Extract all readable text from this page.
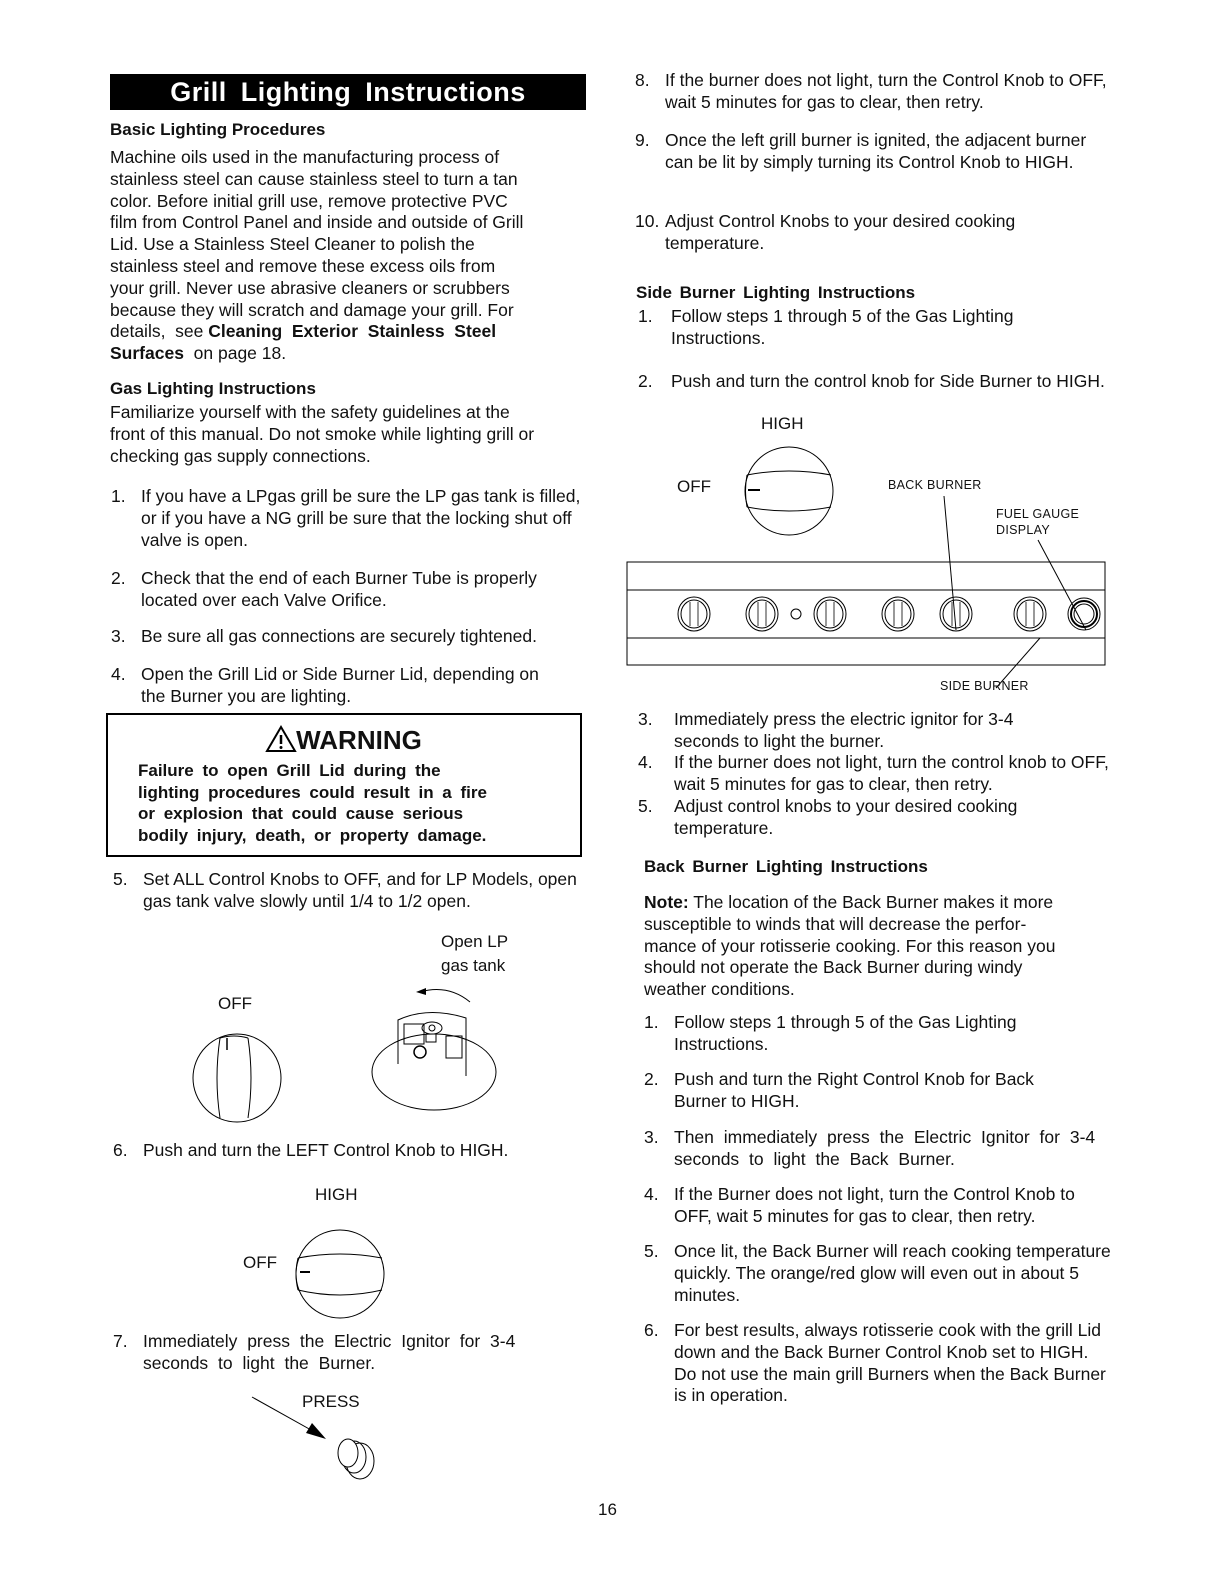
Grill Lighting Instructions
Basic Lighting Procedures
Machine oils used in the manufacturing process of
stainless steel can cause stainless steel to turn a tan
color. Before initial grill use, remove protective PVC
film from Control Panel and inside and outside of Grill
Lid. Use a Stainless Steel Cleaner to polish the
stainless steel and remove these excess oils from
your grill. Never use abrasive cleaners or scrubbers
because they will scratch and damage your grill. For
details,  see Cleaning  Exterior  Stainless  Steel
Surfaces  on page 18.
Gas Lighting Instructions
Familiarize yourself with the safety guidelines at the
front of this manual. Do not smoke while lighting grill or
checking gas supply connections.
1. If you have a LPgas grill be sure the LP gas tank is filled, or if you have a NG grill be sure that the locking shut off valve is open.
2. Check that the end of each Burner Tube is properly located over each Valve Orifice.
3. Be sure all gas connections are securely tightened.
4. Open the Grill Lid or Side Burner Lid, depending on the Burner you are lighting.
WARNING
Failure to open Grill Lid during the
lighting procedures could result in a fire
or explosion that could cause serious
bodily injury, death, or property damage.
5. Set ALL Control Knobs to OFF, and for LP Models, open gas tank valve slowly until 1/4 to 1/2 open.
Open LP
gas tank
OFF
6. Push and turn the LEFT Control Knob to HIGH.
HIGH
OFF
7. Immediately press the Electric Ignitor for 3-4 seconds to light the Burner.
PRESS
8. If the burner does not light, turn the Control Knob to OFF, wait 5 minutes for gas to clear, then retry.
9. Once the left grill burner is ignited, the adjacent burner can be lit by simply turning its Control Knob to HIGH.
10. Adjust Control Knobs to your desired cooking temperature.
Side Burner Lighting Instructions
1.	Follow steps 1 through 5 of the Gas Lighting Instructions.
2.	Push and turn the control knob for Side Burner to HIGH.
HIGH
OFF	BACK BURNER
FUEL GAUGE
DISPLAY
SIDE BURNER
3.	Immediately press the electric ignitor for 3-4 seconds to light the burner.
4.	If the burner does not light, turn the control knob to OFF, wait 5 minutes for gas to clear, then retry.
5.	Adjust control knobs to your desired cooking temperature.
Back Burner Lighting Instructions
Note: The location of the Back Burner makes it more
susceptible to winds that will decrease the perfor-
mance of your rotisserie cooking. For this reason you
should not operate the Back Burner during windy
weather conditions.
1. Follow steps 1 through 5 of the Gas Lighting Instructions.
2. Push and turn the Right Control Knob for Back Burner to HIGH.
3. Then immediately press the Electric Ignitor for 3-4 seconds to light the Back Burner.
4. If the Burner does not light, turn the Control Knob to OFF, wait 5 minutes for gas to clear, then retry.
5. Once lit, the Back Burner will reach cooking temperature quickly. The orange/red glow will even out in about 5 minutes.
6. For best results, always rotisserie cook with the grill Lid down and the Back Burner Control Knob set to HIGH. Do not use the main grill Burners when the Back Burner is in operation.
16
